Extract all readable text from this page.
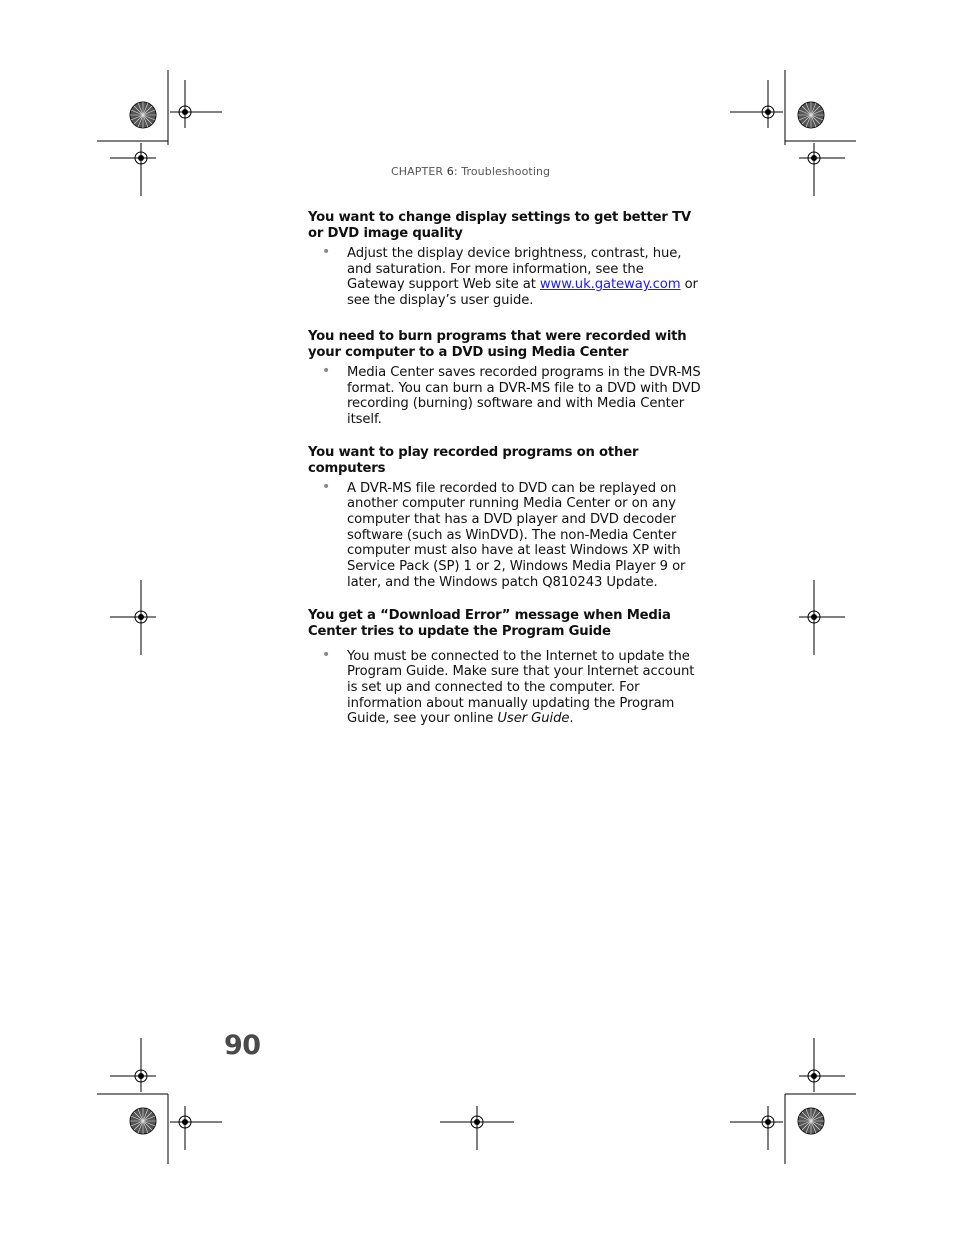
CHAPTER 6: Troubleshooting

You want to change display settings to get better TV or DVD image quality

• Adjust the display device brightness, contrast, hue, and saturation. For more information, see the Gateway support Web site at www.uk.gateway.com or see the display’s user guide.

You need to burn programs that were recorded with your computer to a DVD using Media Center

• Media Center saves recorded programs in the DVR-MS format. You can burn a DVR-MS file to a DVD with DVD recording (burning) software and with Media Center itself.

You want to play recorded programs on other computers

• A DVR-MS file recorded to DVD can be replayed on another computer running Media Center or on any computer that has a DVD player and DVD decoder software (such as WinDVD). The non-Media Center computer must also have at least Windows XP with Service Pack (SP) 1 or 2, Windows Media Player 9 or later, and the Windows patch Q810243 Update.

You get a “Download Error” message when Media Center tries to update the Program Guide

• You must be connected to the Internet to update the Program Guide. Make sure that your Internet account is set up and connected to the computer. For information about manually updating the Program Guide, see your online User Guide.
90
